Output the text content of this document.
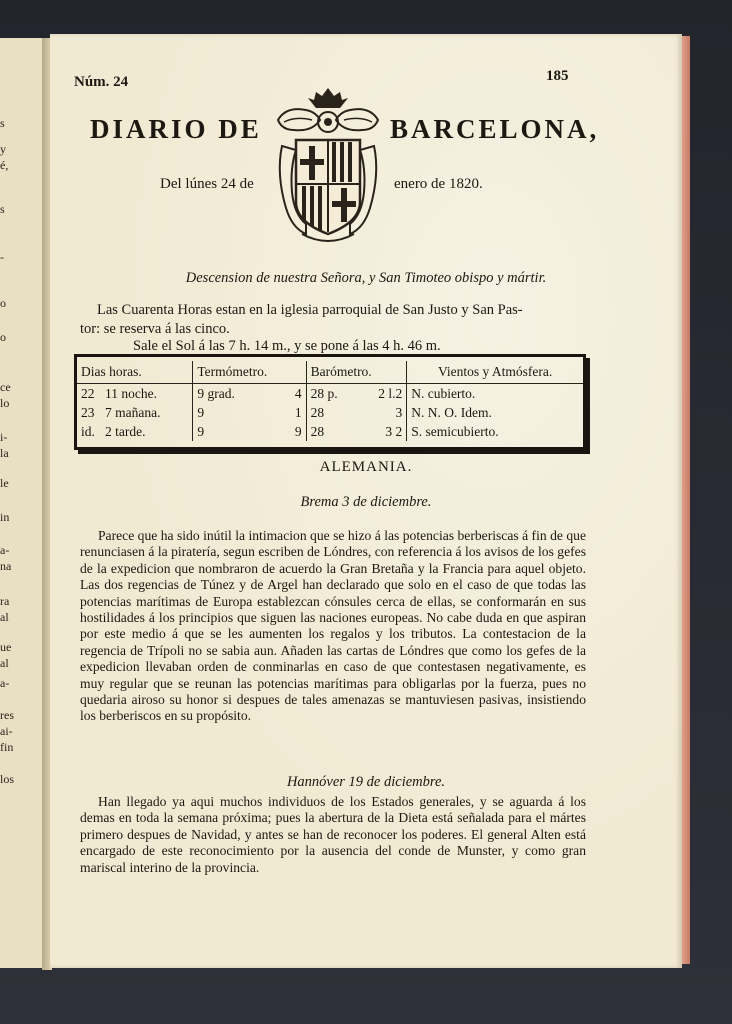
s
y
é,
s
-
o
o
ce
lo
i-
la
le
in
a-
na
ra
al
ue
al
a-
res
ai-
fin
los
Núm. 24	185
DIARIO DE	BARCELONA,
Del lúnes 24 de	enero de 1820.
Descension de nuestra Señora, y San Timoteo obispo y mártir.
Las Cuarenta Horas estan en la iglesia parroquial de San Justo y San Pas-
tor: se reserva á las cinco.
Sale el Sol á las 7 h. 14 m., y se pone á las 4 h. 46 m.
Dias horas.		Termómetro.		Barómetro.		Vientos y Atmósfera.
22	11 noche.	9 grad.	4	28 p.	2 l.2	N. cubierto.
23	7 mañana.	9	1	28	3	N. N. O. Idem.
id.	2 tarde.	9	9	28	3 2	S. semicubierto.
ALEMANIA.
Brema 3 de diciembre.

Parece que ha sido inútil la intimacion que se hizo á las potencias berberiscas á fin de que renunciasen á la piratería, segun escriben de Lóndres, con referencia á los avisos de los gefes de la expedicion que nombraron de acuerdo la Gran Bretaña y la Francia para aquel objeto. Las dos regencias de Túnez y de Argel han declarado que solo en el caso de que todas las potencias marítimas de Europa establezcan cónsules cerca de ellas, se conformarán en sus hostilidades á los principios que siguen las naciones europeas. No cabe duda en que aspiran por este medio á que se les aumenten los regalos y los tributos. La contestacion de la regencia de Trípoli no se sabia aun. Añaden las cartas de Lóndres que como los gefes de la expedicion llevaban orden de conminarlas en caso de que contestasen negativamente, es muy regular que se reunan las potencias marítimas para obligarlas por la fuerza, pues no quedaria airoso su honor si despues de tales amenazas se mantuviesen pasivas, insistiendo los berberiscos en su propósito.

Hannóver 19 de diciembre.

Han llegado ya aqui muchos individuos de los Estados generales, y se aguarda á los demas en toda la semana próxima; pues la abertura de la Dieta está señalada para el mártes primero despues de Navidad, y antes se han de reconocer los poderes. El general Alten está encargado de este reconocimiento por la ausencia del conde de Munster, y como gran mariscal interino de la provincia.
